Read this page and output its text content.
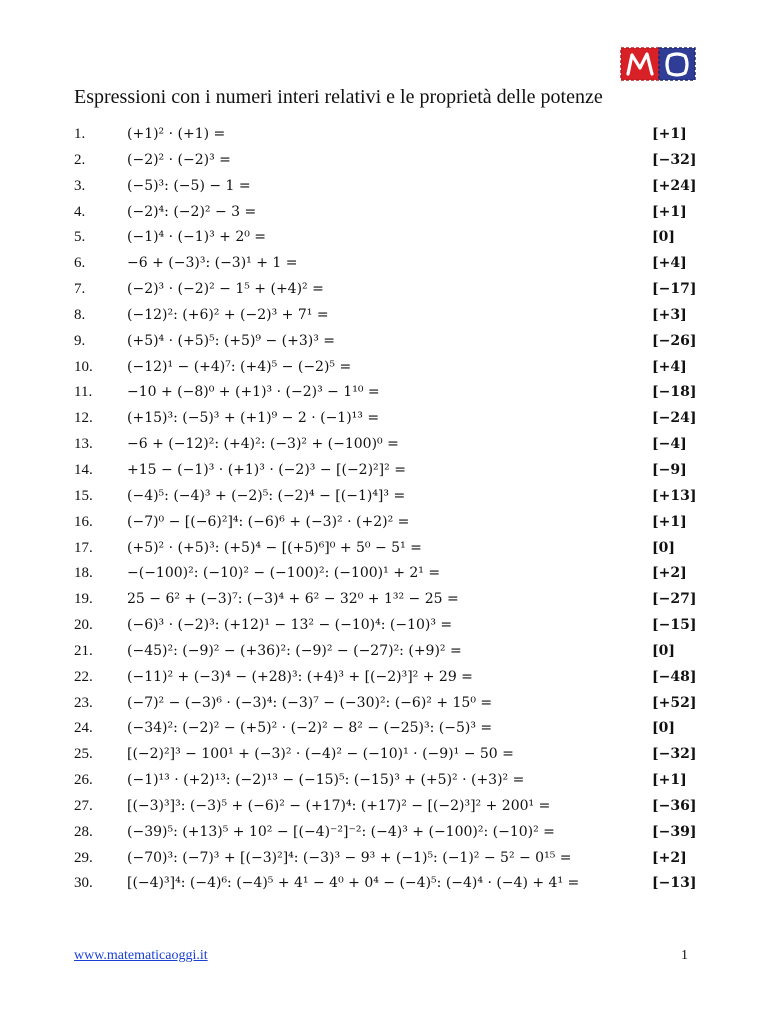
Espressioni con i numeri interi relativi e le proprietà delle potenze
1.	(+1)² · (+1) =	[+1]
2.	(−2)² · (−2)³ =	[−32]
3.	(−5)³: (−5) − 1 =	[+24]
4.	(−2)⁴: (−2)² − 3 =	[+1]
5.	(−1)⁴ · (−1)³ + 2⁰ =	[0]
6.	−6 + (−3)³: (−3)¹ + 1 =	[+4]
7.	(−2)³ · (−2)² − 1⁵ + (+4)² =	[−17]
8.	(−12)²: (+6)² + (−2)³ + 7¹ =	[+3]
9.	(+5)⁴ · (+5)⁵: (+5)⁹ − (+3)³ =	[−26]
10. (−12)¹ − (+4)⁷: (+4)⁵ − (−2)⁵ =	[+4]
11. −10 + (−8)⁰ + (+1)³ · (−2)³ − 1¹⁰ =	[−18]
12. (+15)³: (−5)³ + (+1)⁹ − 2 · (−1)¹³ =	[−24]
13. −6 + (−12)²: (+4)²: (−3)² + (−100)⁰ =	[−4]
14. +15 − (−1)³ · (+1)³ · (−2)³ − [(−2)²]² =	[−9]
15. (−4)⁵: (−4)³ + (−2)⁵: (−2)⁴ − [(−1)⁴]³ =	[+13]
16. (−7)⁰ − [(−6)²]⁴: (−6)⁶ + (−3)² · (+2)² =	[+1]
17. (+5)² · (+5)³: (+5)⁴ − [(+5)⁶]⁰ + 5⁰ − 5¹ =	[0]
18. −(−100)²: (−10)² − (−100)²: (−100)¹ + 2¹ =	[+2]
19. 25 − 6² + (−3)⁷: (−3)⁴ + 6² − 32⁰ + 1³² − 25 =	[−27]
20. (−6)³ · (−2)³: (+12)¹ − 13² − (−10)⁴: (−10)³ =	[−15]
21. (−45)²: (−9)² − (+36)²: (−9)² − (−27)²: (+9)² =	[0]
22. (−11)² + (−3)⁴ − (+28)³: (+4)³ + [(−2)³]² + 29 =	[−48]
23. (−7)² − (−3)⁶ · (−3)⁴: (−3)⁷ − (−30)²: (−6)² + 15⁰ =	[+52]
24. (−34)²: (−2)² − (+5)² · (−2)² − 8² − (−25)³: (−5)³ =	[0]
25. [(−2)²]³ − 100¹ + (−3)² · (−4)² − (−10)¹ · (−9)¹ − 50 =	[−32]
26. (−1)¹³ · (+2)¹³: (−2)¹³ − (−15)⁵: (−15)³ + (+5)² · (+3)² =	[+1]
27. [(−3)³]³: (−3)⁵ + (−6)² − (+17)⁴: (+17)² − [(−2)³]² + 200¹ =	[−36]
28. (−39)⁵: (+13)⁵ + 10² − [(−4)⁻²]⁻²: (−4)³ + (−100)²: (−10)² =	[−39]
29. (−70)³: (−7)³ + [(−3)²]⁴: (−3)³ − 9³ + (−1)⁵: (−1)² − 5² − 0¹⁵ =	[+2]
30. [(−4)³]⁴: (−4)⁶: (−4)⁵ + 4¹ − 4⁰ + 0⁴ − (−4)⁵: (−4)⁴ · (−4) + 4¹ =	[−13]
www.matematicaoggi.it	1
